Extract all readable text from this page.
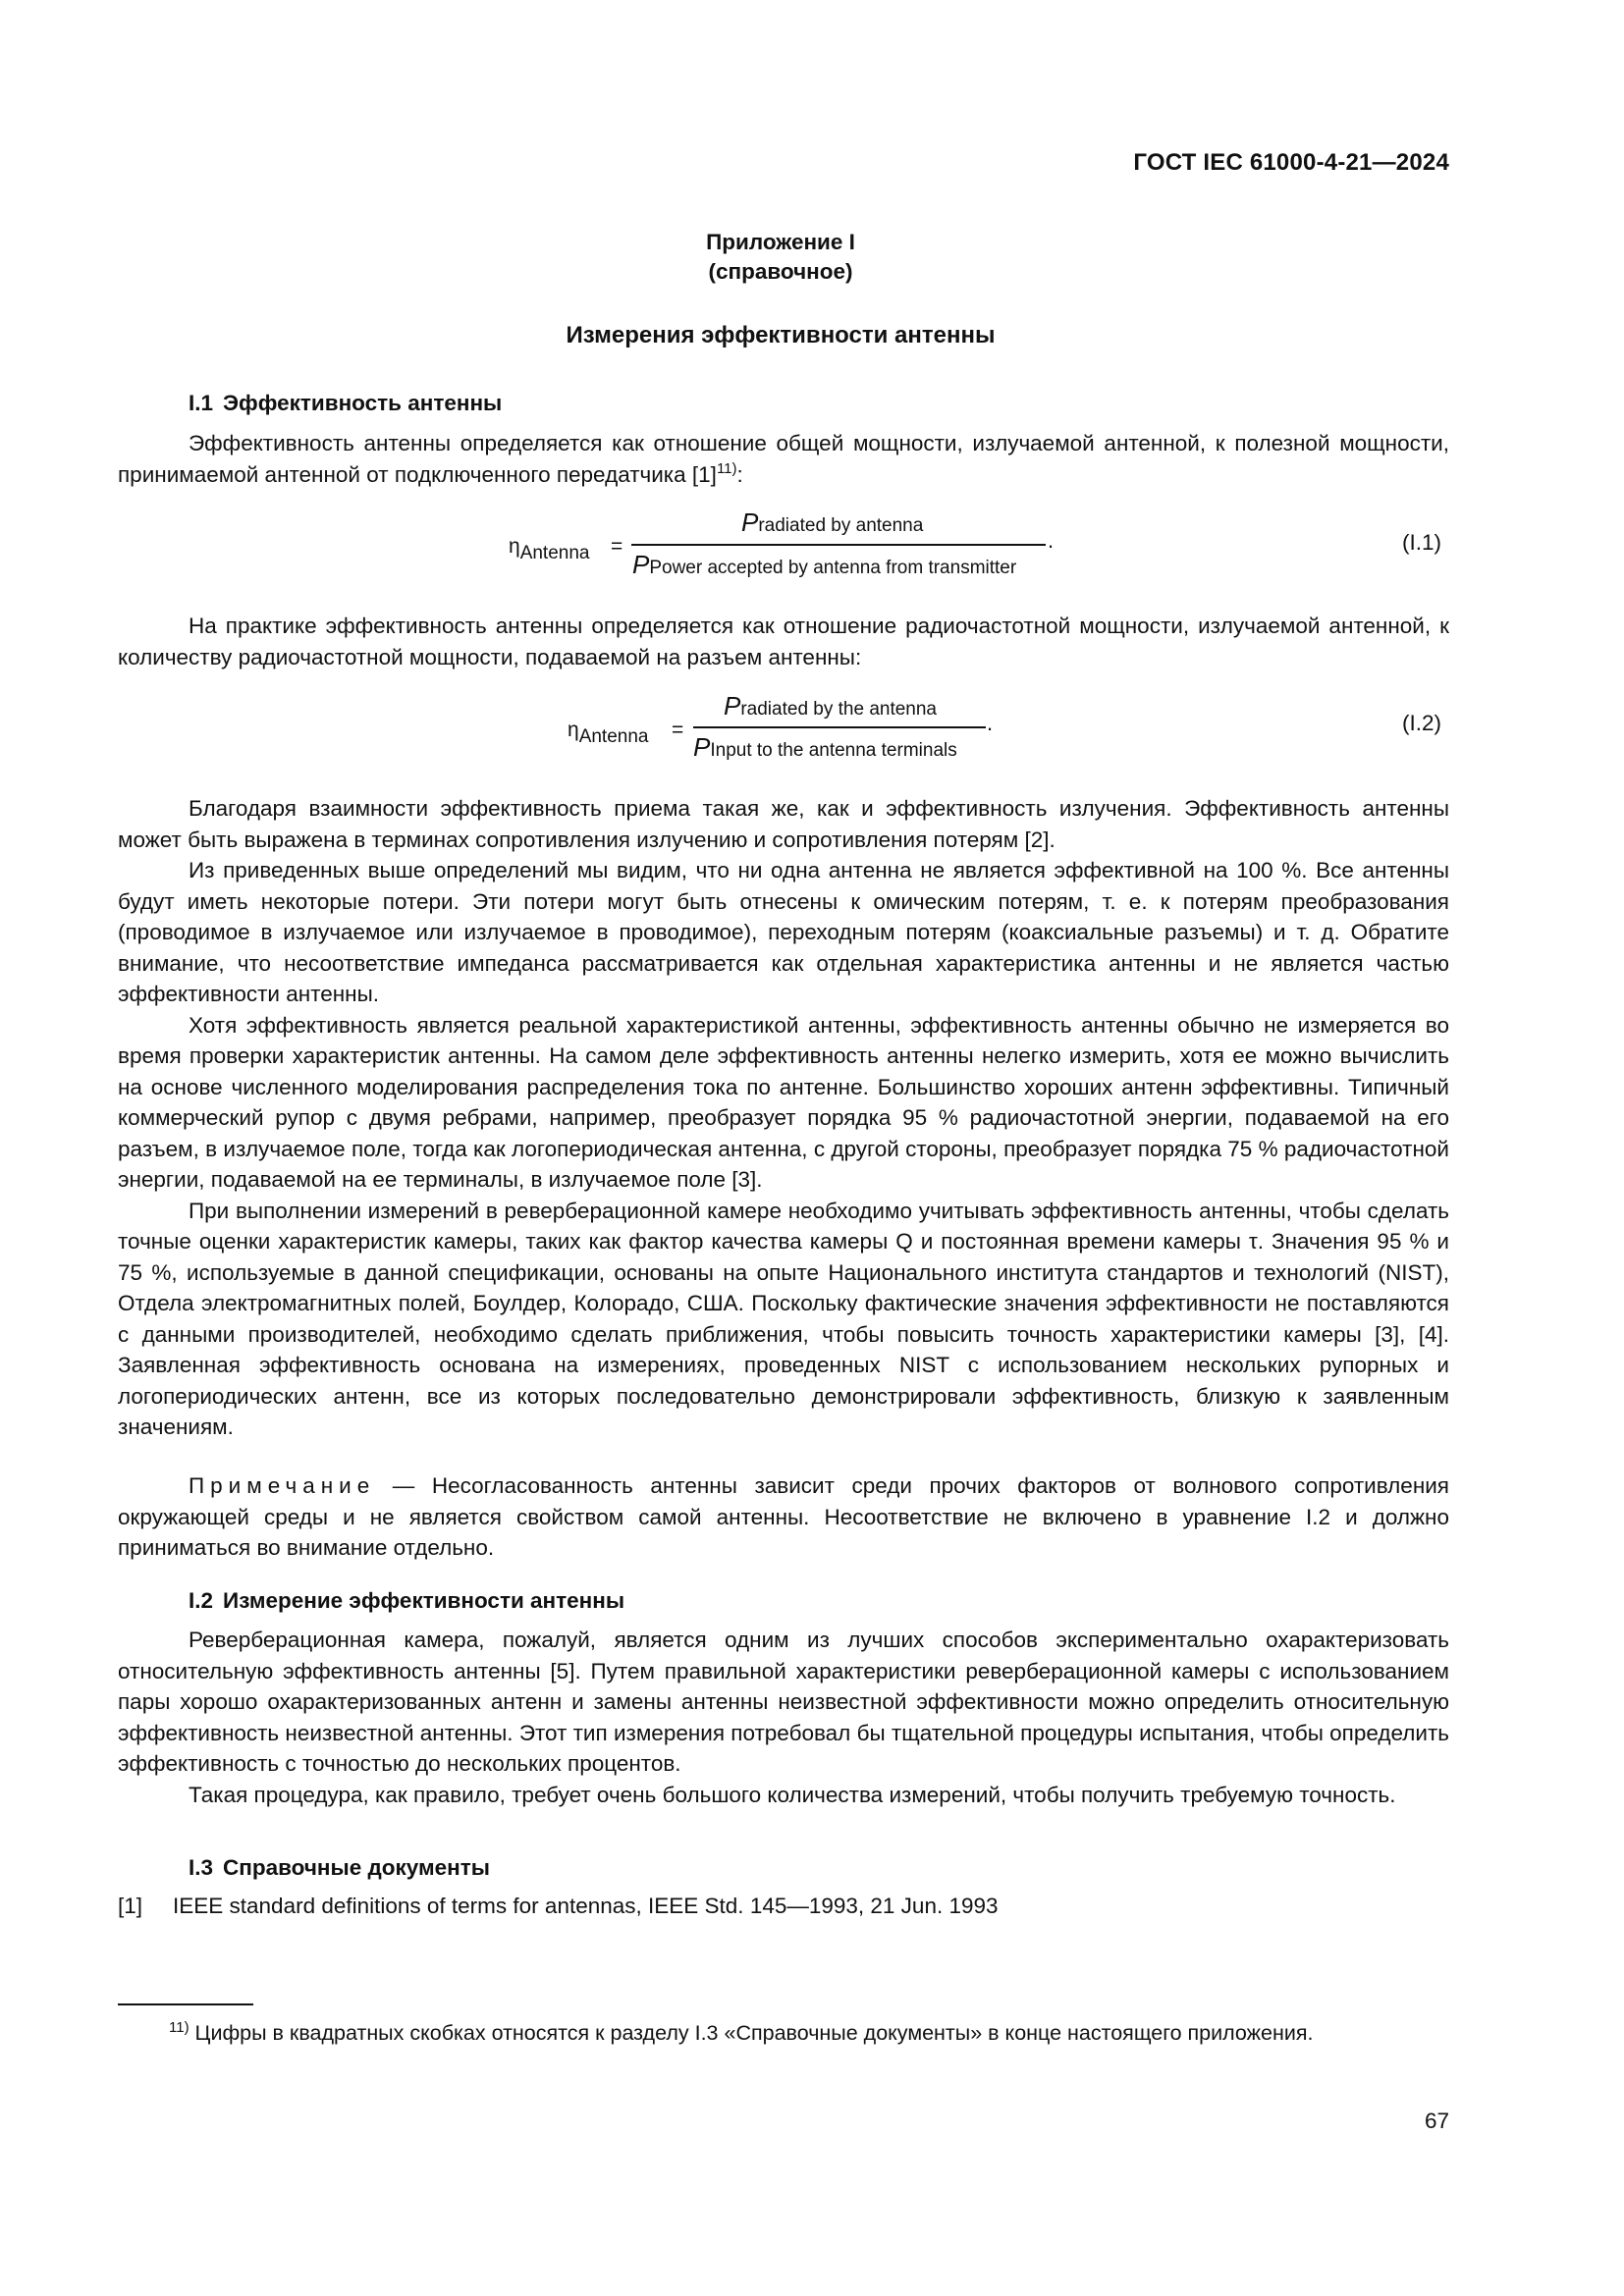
ГОСТ IEC 61000-4-21—2024
Приложение I
(справочное)
Измерения эффективности антенны
I.1 Эффективность антенны

Эффективность антенны определяется как отношение общей мощности, излучаемой антенной, к полезной мощности, принимаемой антенной от подключенного передатчика [1]$^{11)}$:

$\eta_{Antenna}$ =
Pradiated by antenna
PPower accepted by antenna from transmitter
.	(I.1)

На практике эффективность антенны определяется как отношение радиочастотной мощности, излучаемой антенной, к количеству радиочастотной мощности, подаваемой на разъем антенны:

$\eta_{Antenna}$ =
Pradiated by the antenna
PInput to the antenna terminals
.	(I.2)

Благодаря взаимности эффективность приема такая же, как и эффективность излучения. Эффективность антенны может быть выражена в терминах сопротивления излучению и сопротивления потерям [2].

Из приведенных выше определений мы видим, что ни одна антенна не является эффективной на 100 %. Все антенны будут иметь некоторые потери. Эти потери могут быть отнесены к омическим потерям, т. е. к потерям преобразования (проводимое в излучаемое или излучаемое в проводимое), переходным потерям (коаксиальные разъемы) и т. д. Обратите внимание, что несоответствие импеданса рассматривается как отдельная характеристика антенны и не является частью эффективности антенны.

Хотя эффективность является реальной характеристикой антенны, эффективность антенны обычно не измеряется во время проверки характеристик антенны. На самом деле эффективность антенны нелегко измерить, хотя ее можно вычислить на основе численного моделирования распределения тока по антенне. Большинство хороших антенн эффективны. Типичный коммерческий рупор с двумя ребрами, например, преобразует порядка 95 % радиочастотной энергии, подаваемой на его разъем, в излучаемое поле, тогда как логопериодическая антенна, с другой стороны, преобразует порядка 75 % радиочастотной энергии, подаваемой на ее терминалы, в излучаемое поле [3].

При выполнении измерений в реверберационной камере необходимо учитывать эффективность антенны, чтобы сделать точные оценки характеристик камеры, таких как фактор качества камеры Q и постоянная времени камеры τ. Значения 95 % и 75 %, используемые в данной спецификации, основаны на опыте Национального института стандартов и технологий (NIST), Отдела электромагнитных полей, Боулдер, Колорадо, США. Поскольку фактические значения эффективности не поставляются с данными производителей, необходимо сделать приближения, чтобы повысить точность характеристики камеры [3], [4]. Заявленная эффективность основана на измерениях, проведенных NIST с использованием нескольких рупорных и логопериодических антенн, все из которых последовательно демонстрировали эффективность, близкую к заявленным значениям.

Примечание — Несогласованность антенны зависит среди прочих факторов от волнового сопротивления окружающей среды и не является свойством самой антенны. Несоответствие не включено в уравнение I.2 и должно приниматься во внимание отдельно.

I.2 Измерение эффективности антенны

Реверберационная камера, пожалуй, является одним из лучших способов экспериментально охарактеризовать относительную эффективность антенны [5]. Путем правильной характеристики реверберационной камеры с использованием пары хорошо охарактеризованных антенн и замены антенны неизвестной эффективности можно определить относительную эффективность неизвестной антенны. Этот тип измерения потребовал бы тщательной процедуры испытания, чтобы определить эффективность с точностью до нескольких процентов.

Такая процедура, как правило, требует очень большого количества измерений, чтобы получить требуемую точность.

I.3 Справочные документы
[1] IEEE standard definitions of terms for antennas, IEEE Std. 145—1993, 21 Jun. 1993
$^{11)}$ Цифры в квадратных скобках относятся к разделу I.3 «Справочные документы» в конце настоящего приложения.
67
